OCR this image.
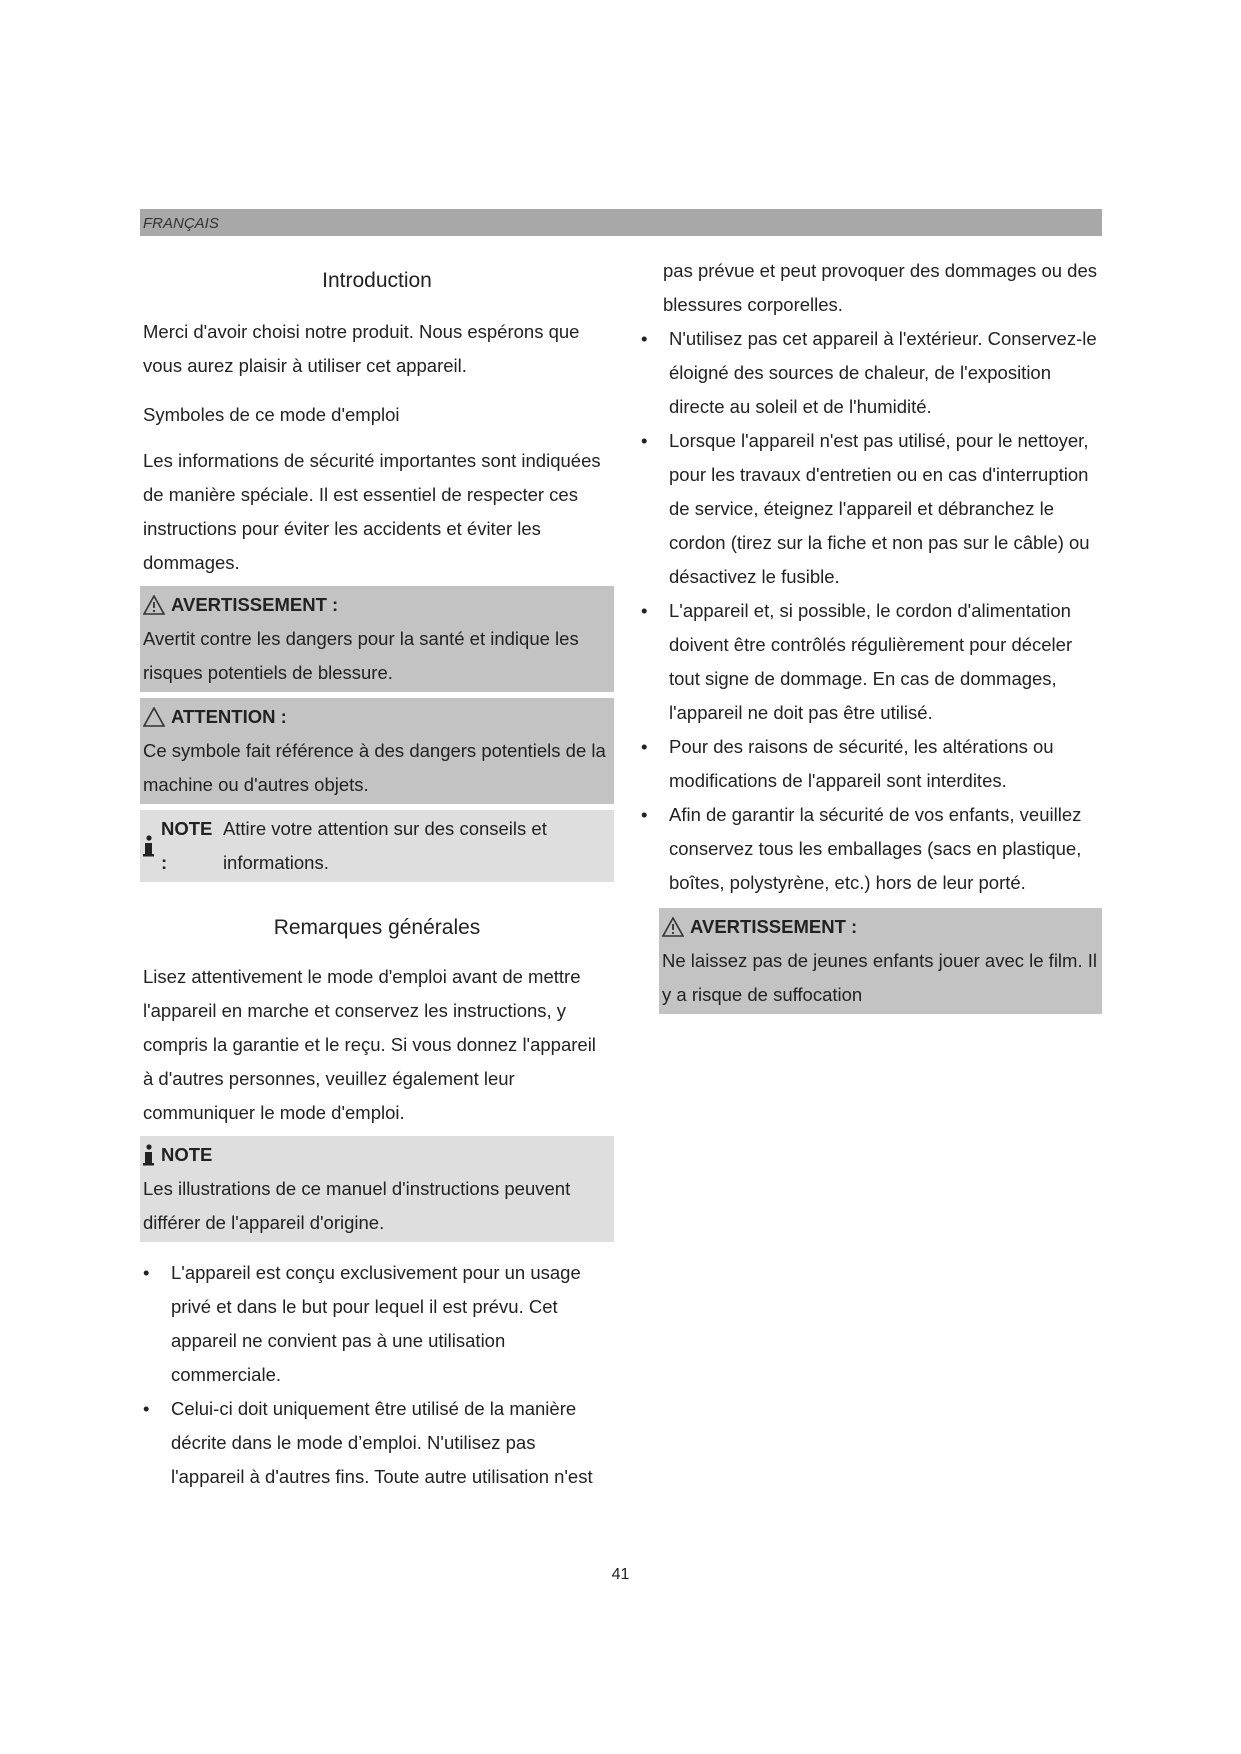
FRANÇAIS
Introduction

Merci d'avoir choisi notre produit. Nous espérons que vous aurez plaisir à utiliser cet appareil.

Symboles de ce mode d'emploi

Les informations de sécurité importantes sont indiquées de manière spéciale. Il est essentiel de respecter ces instructions pour éviter les accidents et éviter les dommages.

AVERTISSEMENT :

Avertit contre les dangers pour la santé et indique les risques potentiels de blessure.

ATTENTION :

Ce symbole fait référence à des dangers potentiels de la machine ou d'autres objets.

NOTE :
Attire votre attention sur des conseils et informations.
Remarques générales

Lisez attentivement le mode d'emploi avant de mettre l'appareil en marche et conservez les instructions, y compris la garantie et le reçu. Si vous donnez l'appareil à d'autres personnes, veuillez également leur communiquer le mode d'emploi.

NOTE

Les illustrations de ce manuel d'instructions peuvent différer de l'appareil d'origine.

• L'appareil est conçu exclusivement pour un usage privé et dans le but pour lequel il est prévu. Cet appareil ne convient pas à une utilisation commerciale.
• Celui-ci doit uniquement être utilisé de la manière décrite dans le mode d’emploi. N'utilisez pas l'appareil à d'autres fins. Toute autre utilisation n'est

pas prévue et peut provoquer des dommages ou des blessures corporelles.

• N'utilisez pas cet appareil à l'extérieur. Conservez-le éloigné des sources de chaleur, de l'exposition directe au soleil et de l'humidité.
• Lorsque l'appareil n'est pas utilisé, pour le nettoyer, pour les travaux d'entretien ou en cas d'interruption de service, éteignez l'appareil et débranchez le cordon (tirez sur la fiche et non pas sur le câble) ou désactivez le fusible.
• L'appareil et, si possible, le cordon d'alimentation doivent être contrôlés régulièrement pour déceler tout signe de dommage. En cas de dommages, l'appareil ne doit pas être utilisé.
• Pour des raisons de sécurité, les altérations ou modifications de l'appareil sont interdites.
• Afin de garantir la sécurité de vos enfants, veuillez conservez tous les emballages (sacs en plastique, boîtes, polystyrène, etc.) hors de leur porté.
AVERTISSEMENT :

Ne laissez pas de jeunes enfants jouer avec le film. Il y a risque de suffocation

41
